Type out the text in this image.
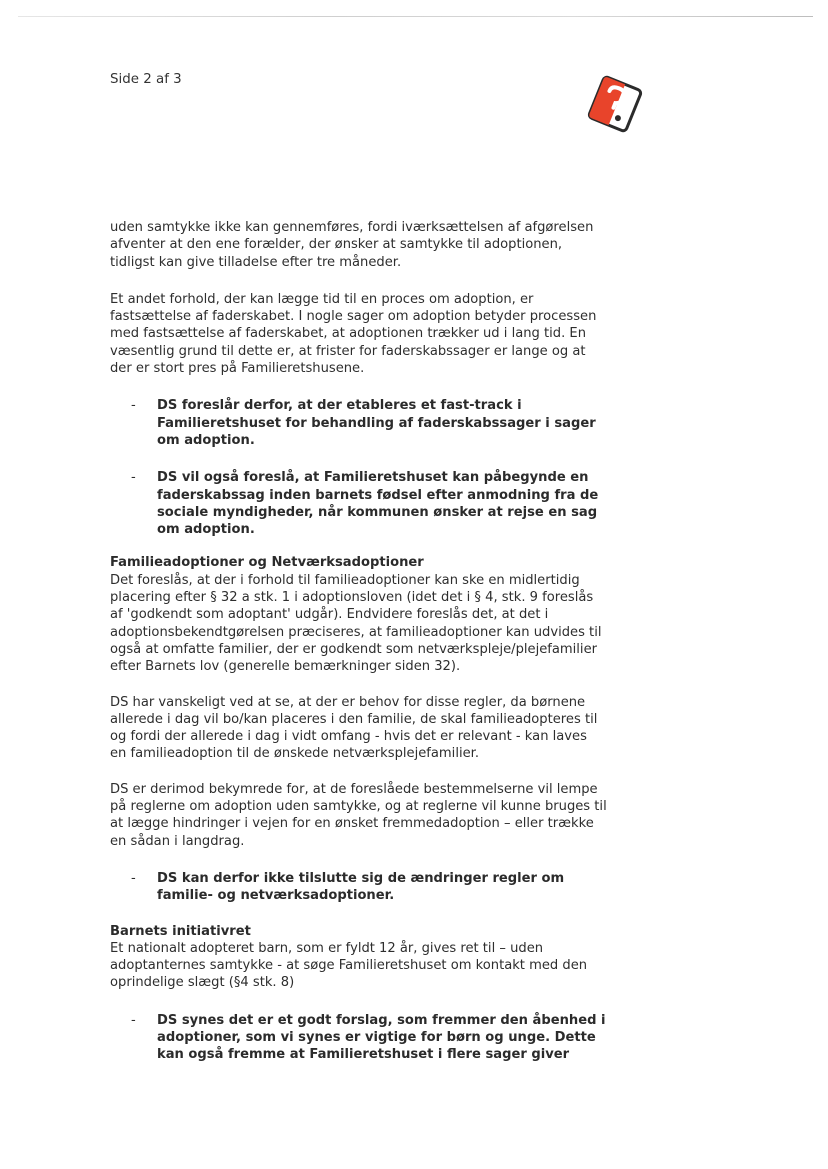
Side 2 af 3

uden samtykke ikke kan gennemføres, fordi iværksættelsen af afgørelsen
afventer at den ene forælder, der ønsker at samtykke til adoptionen,
tidligst kan give tilladelse efter tre måneder.

Et andet forhold, der kan lægge tid til en proces om adoption, er
fastsættelse af faderskabet. I nogle sager om adoption betyder processen
med fastsættelse af faderskabet, at adoptionen trækker ud i lang tid. En
væsentlig grund til dette er, at frister for faderskabssager er lange og at
der er stort pres på Familieretshusene.

- DS foreslår derfor, at der etableres et fast-track i
Familieretshuset for behandling af faderskabssager i sager
om adoption.
- DS vil også foreslå, at Familieretshuset kan påbegynde en
faderskabssag inden barnets fødsel efter anmodning fra de
sociale myndigheder, når kommunen ønsker at rejse en sag
om adoption.
Familieadoptioner og Netværksadoptioner

Det foreslås, at der i forhold til familieadoptioner kan ske en midlertidig
placering efter § 32 a stk. 1 i adoptionsloven (idet det i § 4, stk. 9 foreslås
af 'godkendt som adoptant' udgår). Endvidere foreslås det, at det i
adoptionsbekendtgørelsen præciseres, at familieadoptioner kan udvides til
også at omfatte familier, der er godkendt som netværkspleje/plejefamilier
efter Barnets lov (generelle bemærkninger siden 32).

DS har vanskeligt ved at se, at der er behov for disse regler, da børnene
allerede i dag vil bo/kan placeres i den familie, de skal familieadopteres til
og fordi der allerede i dag i vidt omfang - hvis det er relevant - kan laves
en familieadoption til de ønskede netværksplejefamilier.

DS er derimod bekymrede for, at de foreslåede bestemmelserne vil lempe
på reglerne om adoption uden samtykke, og at reglerne vil kunne bruges til
at lægge hindringer i vejen for en ønsket fremmedadoption – eller trække
en sådan i langdrag.

- DS kan derfor ikke tilslutte sig de ændringer regler om
familie- og netværksadoptioner.
Barnets initiativret

Et nationalt adopteret barn, som er fyldt 12 år, gives ret til – uden
adoptanternes samtykke - at søge Familieretshuset om kontakt med den
oprindelige slægt (§4 stk. 8)

- DS synes det er et godt forslag, som fremmer den åbenhed i
adoptioner, som vi synes er vigtige for børn og unge. Dette
kan også fremme at Familieretshuset i flere sager giver
